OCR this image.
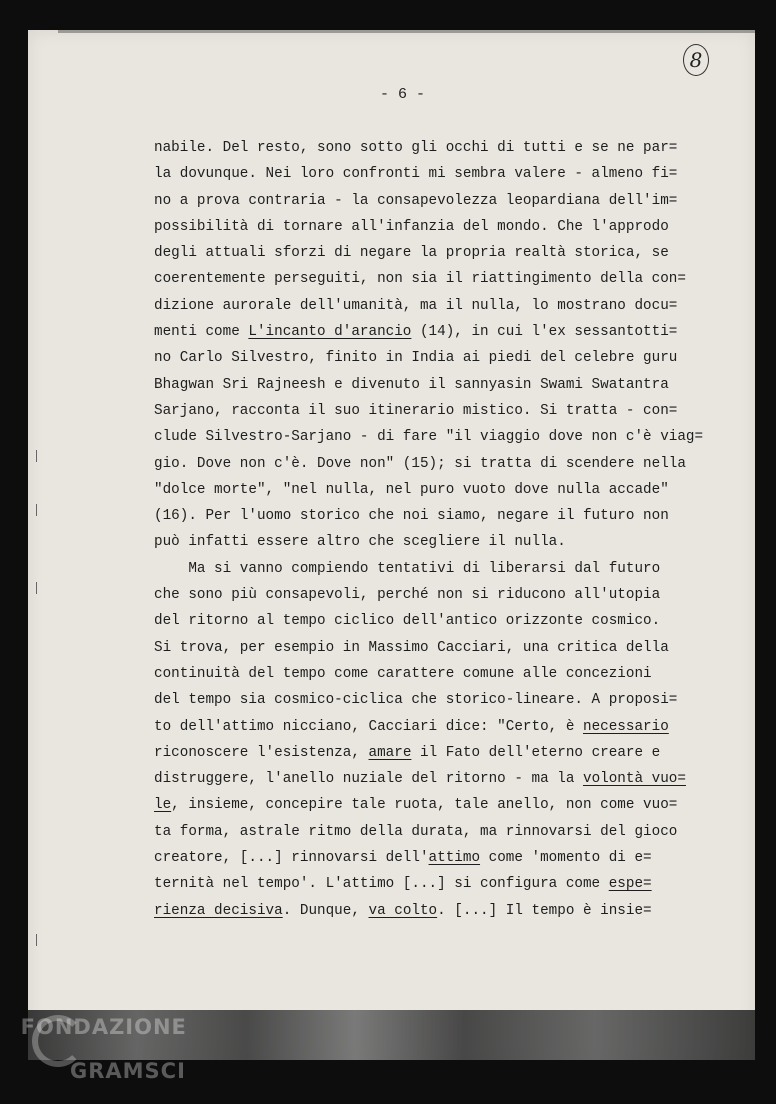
8
- 6 -
nabile. Del resto, sono sotto gli occhi di tutti e se ne par=
la dovunque. Nei loro confronti mi sembra valere - almeno fi=
no a prova contraria - la consapevolezza leopardiana dell'im=
possibilità di tornare all'infanzia del mondo. Che l'approdo
degli attuali sforzi di negare la propria realtà storica, se
coerentemente perseguiti, non sia il riattingimento della con=
dizione aurorale dell'umanità, ma il nulla, lo mostrano docu=
menti come L'incanto d'arancio (14), in cui l'ex sessantotti=
no Carlo Silvestro, finito in India ai piedi del celebre guru
Bhagwan Sri Rajneesh e divenuto il sannyasin Swami Swatantra
Sarjano, racconta il suo itinerario mistico. Si tratta - con=
clude Silvestro-Sarjano - di fare "il viaggio dove non c'è viag=
gio. Dove non c'è. Dove non" (15); si tratta di scendere nella
"dolce morte", "nel nulla, nel puro vuoto dove nulla accade"
(16). Per l'uomo storico che noi siamo, negare il futuro non
può infatti essere altro che scegliere il nulla.
Ma si vanno compiendo tentativi di liberarsi dal futuro
che sono più consapevoli, perché non si riducono all'utopia
del ritorno al tempo ciclico dell'antico orizzonte cosmico.
Si trova, per esempio in Massimo Cacciari, una critica della
continuità del tempo come carattere comune alle concezioni
del tempo sia cosmico-ciclica che storico-lineare. A proposi=
to dell'attimo nicciano, Cacciari dice: "Certo, è necessario
riconoscere l'esistenza, amare il Fato dell'eterno creare e
distruggere, l'anello nuziale del ritorno - ma la volontà vuo=
le, insieme, concepire tale ruota, tale anello, non come vuo=
ta forma, astrale ritmo della durata, ma rinnovarsi del gioco
creatore, [...] rinnovarsi dell'attimo come 'momento di e=
ternità nel tempo'. L'attimo [...] si configura come espe=
rienza decisiva. Dunque, va colto. [...] Il tempo è insie=

FONDAZIONE

GRAMSCI
